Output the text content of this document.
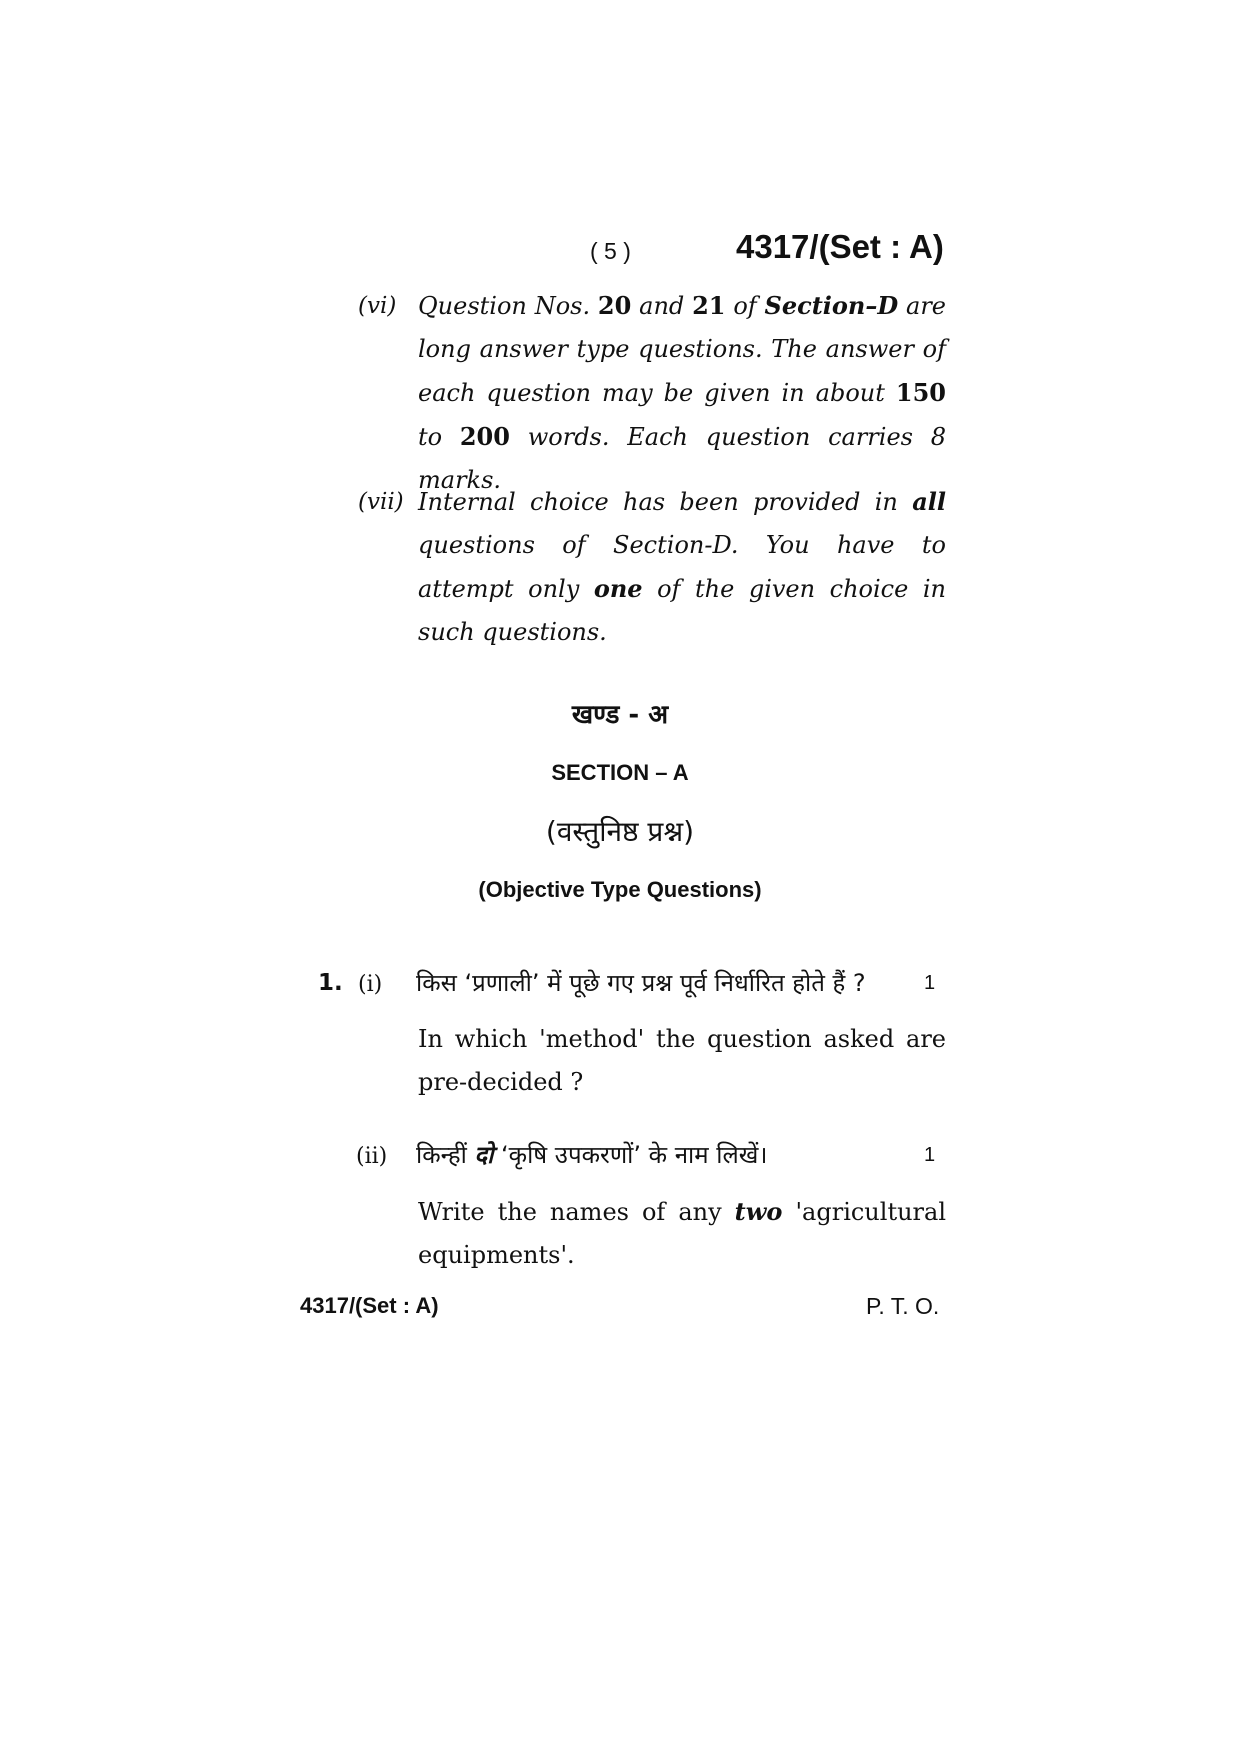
( 5 )	4317/(Set : A)
(vi) Question Nos. 20 and 21 of Section–D are long answer type questions. The answer of each question may be given in about 150 to 200 words. Each question carries 8 marks.
(vii) Internal choice has been provided in all questions of Section-D. You have to attempt only one of the given choice in such questions.
खण्ड - अ
SECTION – A
(वस्तुनिष्ठ प्रश्न)
(Objective Type Questions)
1. (i) किस ‘प्रणाली’ में पूछे गए प्रश्न पूर्व निर्धारित होते हैं ?	1
In which 'method' the question asked are pre-decided ?
(ii) किन्हीं दो ‘कृषि उपकरणों’ के नाम लिखें।	1
Write the names of any two 'agricultural equipments'.
4317/(Set : A)	P. T. O.
